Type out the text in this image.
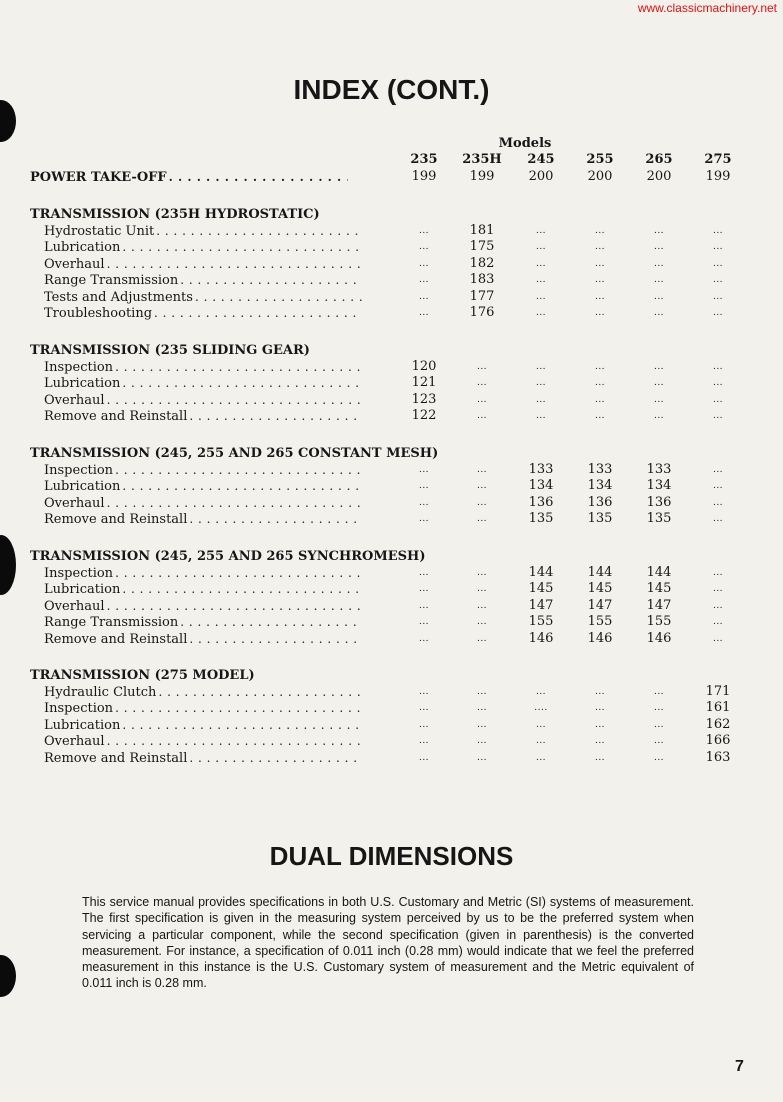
www.classicmachinery.net
INDEX (CONT.)
Models
235	235H	245	255	265	275
POWER TAKE-OFF . . .	199	199	200	200	200	199
TRANSMISSION (235H HYDROSTATIC)
Hydrostatic Unit . . .	...	181	...	...	...	...
Lubrication . . .	...	175	...	...	...	...
Overhaul . . .	...	182	...	...	...	...
Range Transmission . . .	...	183	...	...	...	...
Tests and Adjustments . . .	...	177	...	...	...	...
Troubleshooting . . .	...	176	...	...	...	...
TRANSMISSION (235 SLIDING GEAR)
Inspection . . .	120	...	...	...	...	...
Lubrication . . .	121	...	...	...	...	...
Overhaul . . .	123	...	...	...	...	...
Remove and Reinstall . . .	122	...	...	...	...	...
TRANSMISSION (245, 255 AND 265 CONSTANT MESH)
Inspection . . .	...	...	133	133	133	...
Lubrication . . .	...	...	134	134	134	...
Overhaul . . .	...	...	136	136	136	...
Remove and Reinstall . . .	...	...	135	135	135	...
TRANSMISSION (245, 255 AND 265 SYNCHROMESH)
Inspection . . .	...	...	144	144	144	...
Lubrication . . .	...	...	145	145	145	...
Overhaul . . .	...	...	147	147	147	...
Range Transmission . . .	...	...	155	155	155	...
Remove and Reinstall . . .	...	...	146	146	146	...
TRANSMISSION (275 MODEL)
Hydraulic Clutch . . .	...	...	...	...	...	171
Inspection . . .	...	...	....	...	...	161
Lubrication . . .	...	...	...	...	...	162
Overhaul . . .	...	...	...	...	...	166
Remove and Reinstall . . .	...	...	...	...	...	163
DUAL DIMENSIONS

This service manual provides specifications in both U.S. Customary and Metric (SI) systems of measurement. The first specification is given in the measuring system perceived by us to be the preferred system when servicing a particular component, while the second specification (given in parenthesis) is the converted measurement. For instance, a specification of 0.011 inch (0.28 mm) would indicate that we feel the preferred measurement in this instance is the U.S. Customary system of measurement and the Metric equivalent of 0.011 inch is 0.28 mm.

7
